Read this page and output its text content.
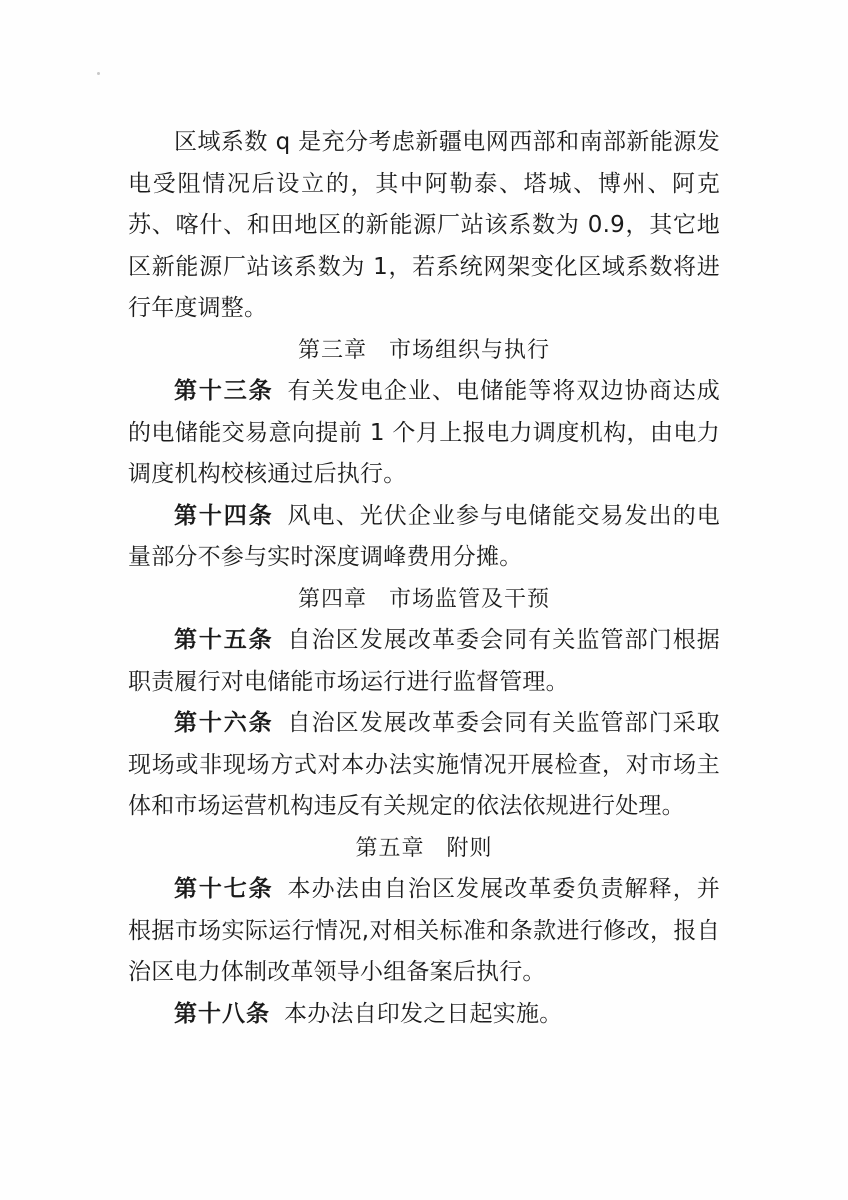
区域系数 q 是充分考虑新疆电网西部和南部新能源发电受阻情况后设立的，其中阿勒泰、塔城、博州、阿克苏、喀什、和田地区的新能源厂站该系数为 0.9，其它地区新能源厂站该系数为 1，若系统网架变化区域系数将进行年度调整。

第三章 市场组织与执行

第十三条 有关发电企业、电储能等将双边协商达成的电储能交易意向提前 1 个月上报电力调度机构，由电力调度机构校核通过后执行。

第十四条 风电、光伏企业参与电储能交易发出的电量部分不参与实时深度调峰费用分摊。

第四章 市场监管及干预

第十五条 自治区发展改革委会同有关监管部门根据职责履行对电储能市场运行进行监督管理。

第十六条 自治区发展改革委会同有关监管部门采取现场或非现场方式对本办法实施情况开展检查，对市场主体和市场运营机构违反有关规定的依法依规进行处理。

第五章 附则

第十七条 本办法由自治区发展改革委负责解释，并根据市场实际运行情况,对相关标准和条款进行修改，报自治区电力体制改革领导小组备案后执行。

第十八条 本办法自印发之日起实施。
